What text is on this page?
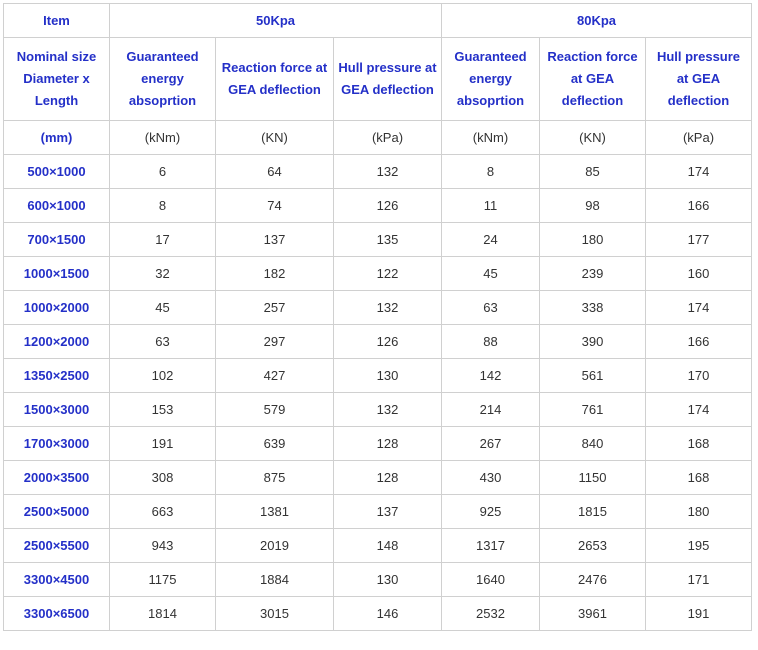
Item	50Kpa			80Kpa		
Nominal size Diameter x Length	Guaranteed energy absoprtion	Reaction force at GEA deflection	Hull pressure at GEA deflection	Guaranteed energy absoprtion	Reaction force at GEA deflection	Hull pressure at GEA deflection
(mm)	(kNm)	(KN)	(kPa)	(kNm)	(KN)	(kPa)
500×1000	6	64	132	8	85	174
600×1000	8	74	126	11	98	166
700×1500	17	137	135	24	180	177
1000×1500	32	182	122	45	239	160
1000×2000	45	257	132	63	338	174
1200×2000	63	297	126	88	390	166
1350×2500	102	427	130	142	561	170
1500×3000	153	579	132	214	761	174
1700×3000	191	639	128	267	840	168
2000×3500	308	875	128	430	1150	168
2500×5000	663	1381	137	925	1815	180
2500×5500	943	2019	148	1317	2653	195
3300×4500	1175	1884	130	1640	2476	171
3300×6500	1814	3015	146	2532	3961	191
